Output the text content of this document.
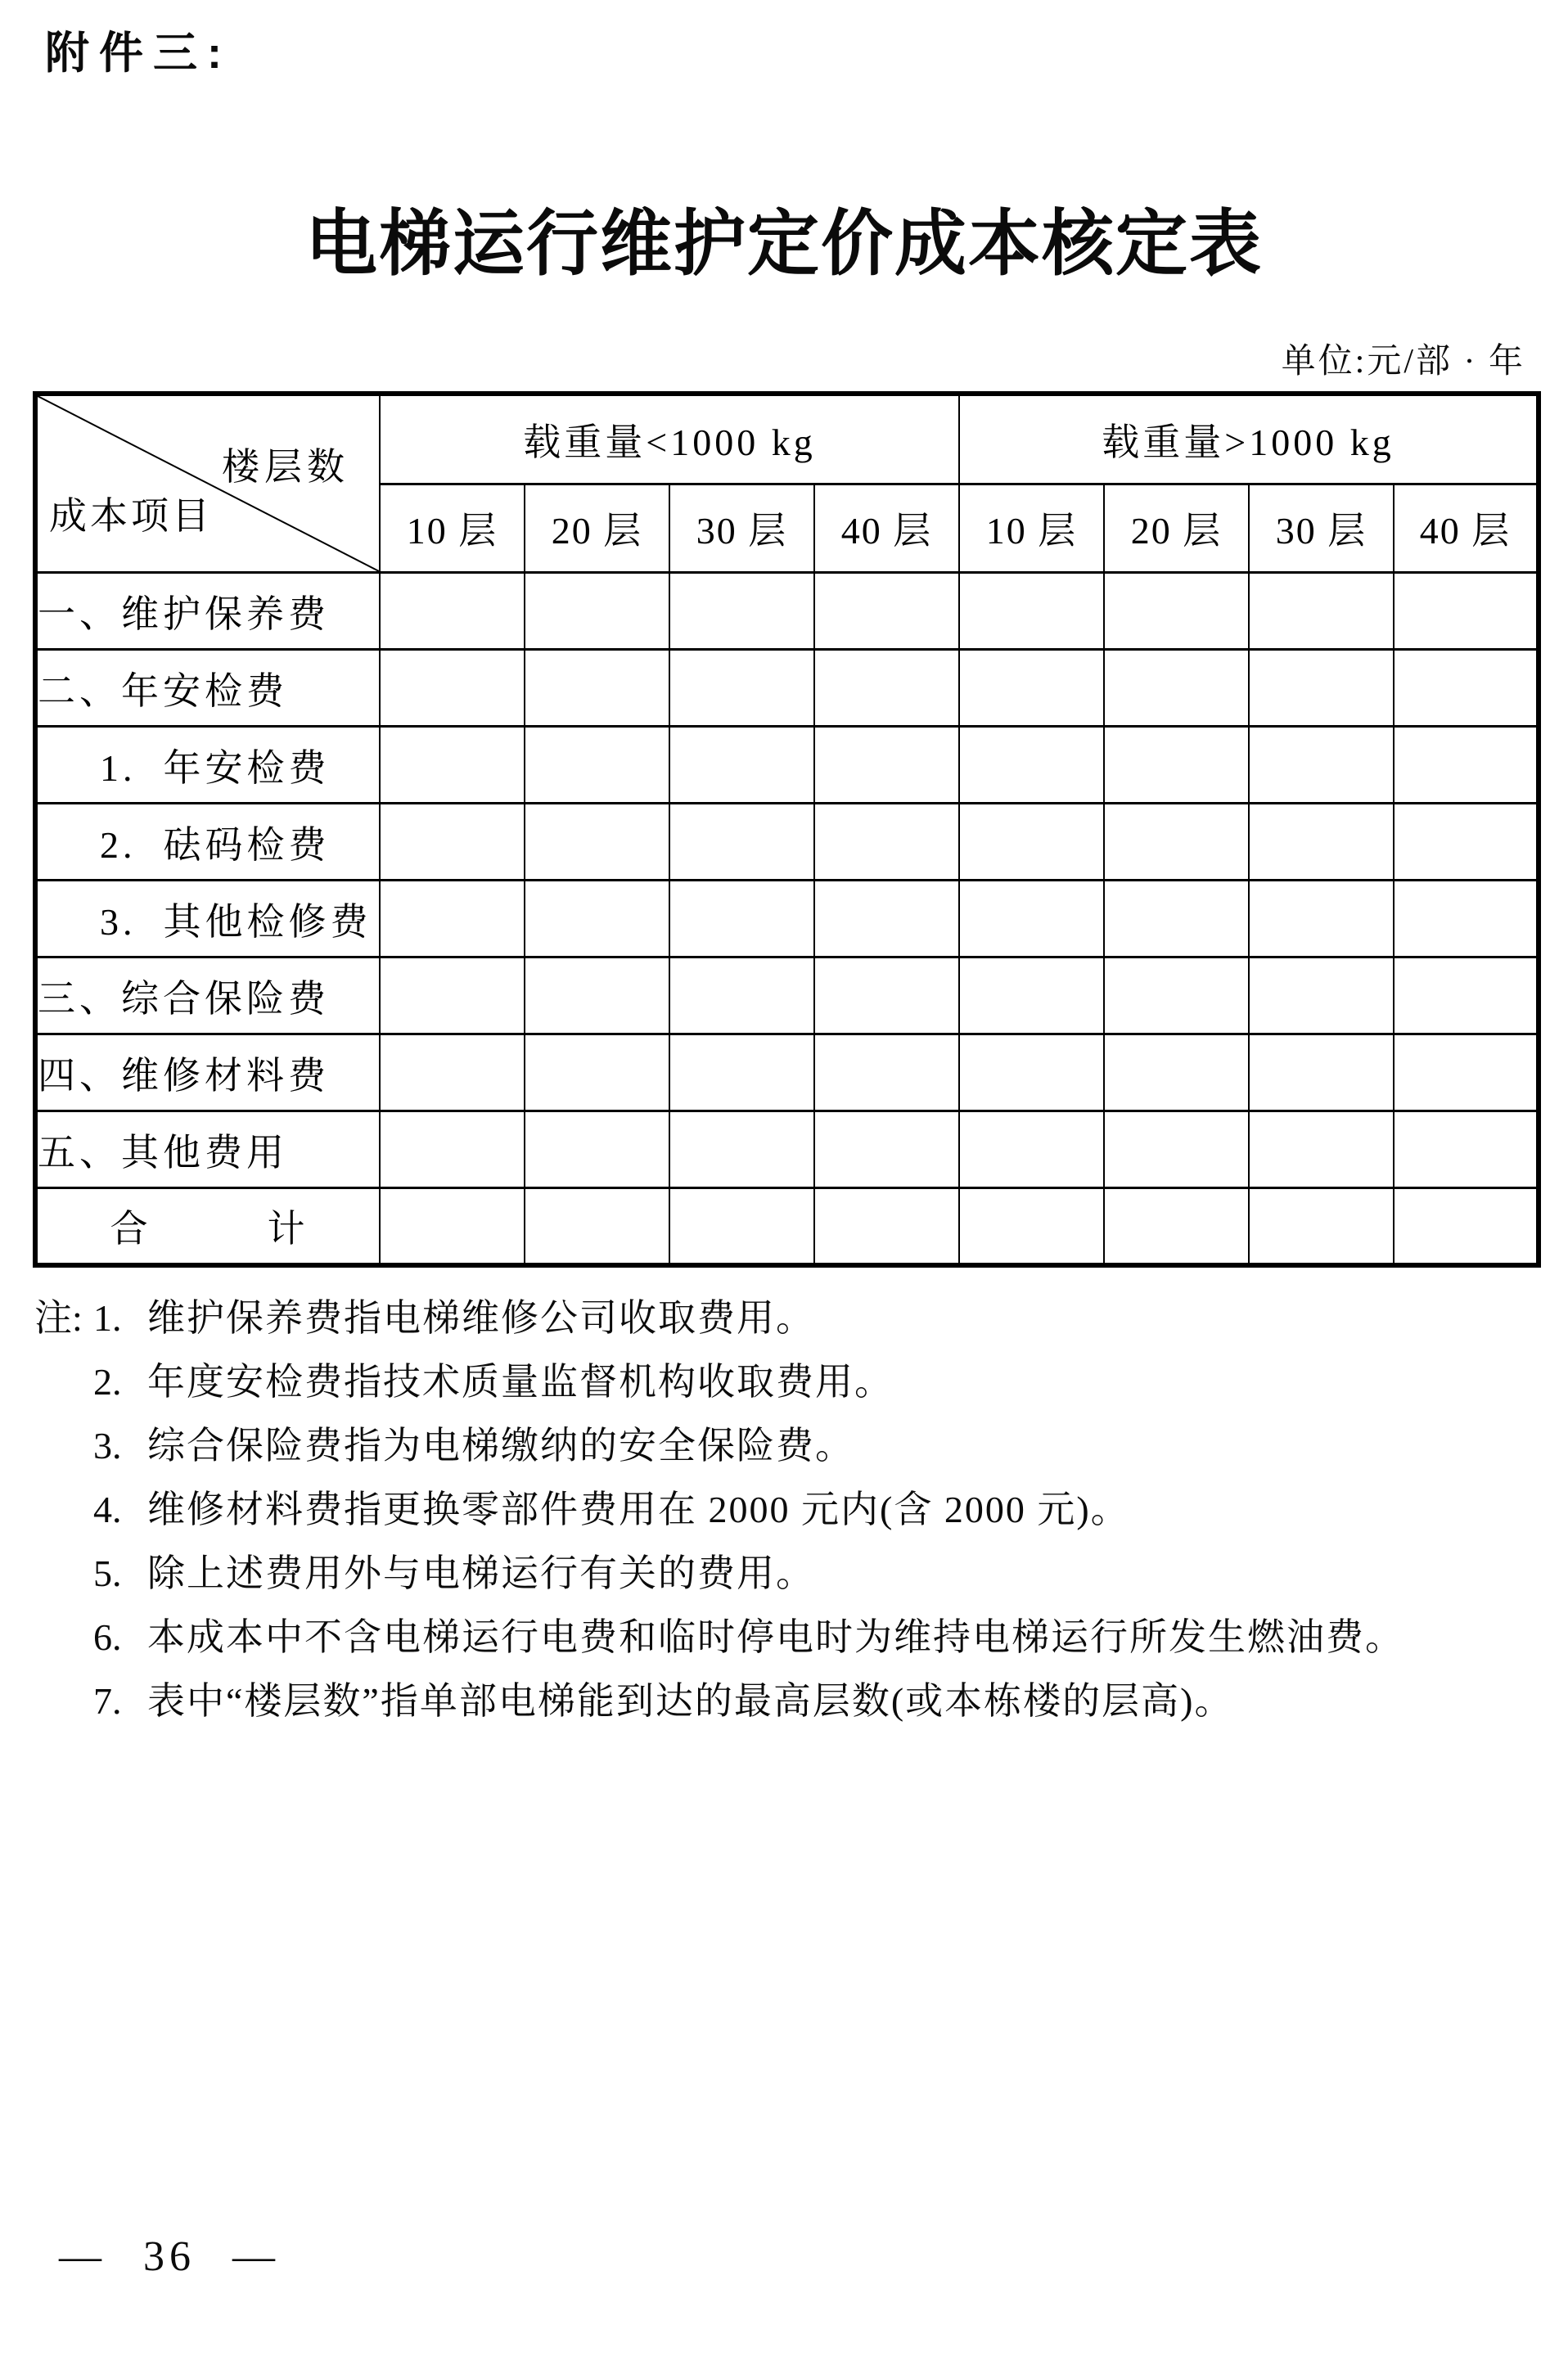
附件三:
电梯运行维护定价成本核定表
单位:元/部 · 年
楼层数
成本项目	载重量<1000 kg				载重量>1000 kg			
	10 层	20 层	30 层	40 层	10 层	20 层	30 层	40 层
一、维护保养费								
二、年安检费								
1.  年安检费								
2.  砝码检费								
3.  其他检修费								
三、综合保险费								
四、维修材料费								
五、其他费用								
合　　　计								
注: 1. 维护保养费指电梯维修公司收取费用。
2. 年度安检费指技术质量监督机构收取费用。
3. 综合保险费指为电梯缴纳的安全保险费。
4. 维修材料费指更换零部件费用在 2000 元内(含 2000 元)。
5. 除上述费用外与电梯运行有关的费用。
6. 本成本中不含电梯运行电费和临时停电时为维持电梯运行所发生燃油费。
7. 表中“楼层数”指单部电梯能到达的最高层数(或本栋楼的层高)。
— 36 —
